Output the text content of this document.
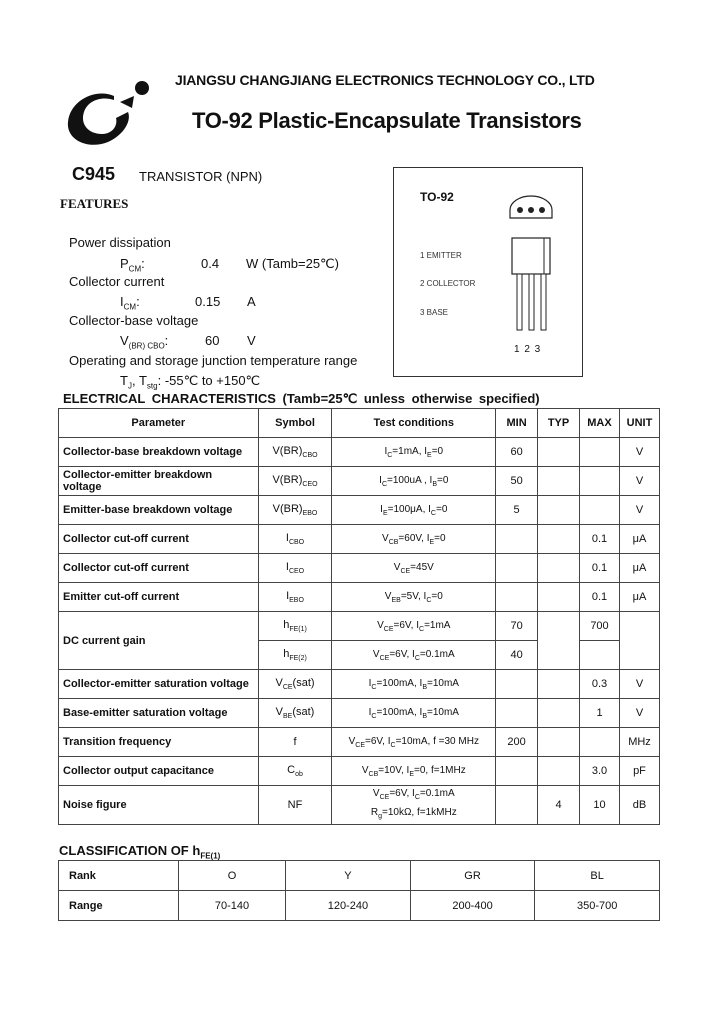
JIANGSU CHANGJIANG ELECTRONICS TECHNOLOGY CO., LTD
TO-92 Plastic-Encapsulate Transistors
C945 TRANSISTOR (NPN)
FEATURES
Power dissipation
$P_{CM}$:	0.4 W (Tamb=25℃)
Collector current
$I_{CM}$:	0.15 A
Collector-base voltage
$V_{(BR) CBO}$:	60 V
Operating and storage junction temperature range
$T_J$, $T_{stg}$: -55℃ to +150℃
TO-92
1 EMITTER
2 COLLECTOR
3 BASE
1 2 3
ELECTRICAL CHARACTERISTICS (Tamb=25℃ unless otherwise specified)
Parameter	Symbol	Test conditions	MIN	TYP	MAX	UNIT
Collector-base breakdown voltage	$V(BR)_{CBO}$	$I_C=1mA$, $I_E=0$	60			V
Collector-emitter breakdown voltage	$V(BR)_{CEO}$	$I_C=100uA$ , $I_B=0$	50			V
Emitter-base breakdown voltage	$V(BR)_{EBO}$	$I_E=100\mu A$, $I_C=0$	5			V
Collector cut-off current	$I_{CBO}$	$V_{CB}=60V$, $I_E=0$			0.1	μA
Collector cut-off current	$I_{CEO}$	$V_{CE}=45V$			0.1	μA
Emitter cut-off current	$I_{EBO}$	$V_{EB}=5V$, $I_C=0$			0.1	μA
DC current gain	$h_{FE(1)}$	$V_{CE}=6V$, $I_C=1mA$	70		700	
	$h_{FE(2)}$	$V_{CE}=6V$, $I_C=0.1mA$	40			
Collector-emitter saturation voltage	$V_{CE}(sat)$	$I_C=100mA$, $I_B=10mA$			0.3	V
Base-emitter saturation voltage	$V_{BE}(sat)$	$I_C=100mA$, $I_B=10mA$			1	V
Transition frequency	f	$V_{CE}=6V$, $I_C=10mA$, f =30 MHz	200			MHz
Collector output capacitance	$C_{ob}$	$V_{CB}=10V$, $I_E=0$, f=1MHz			3.0	pF
Noise figure	NF	$V_{CE}=6V$, $I_C=0.1mA$
$R_g=10k\Omega$, f=1kMHz		4	10	dB
CLASSIFICATION OF $h_{FE(1)}$
Rank	O	Y	GR	BL
Range	70-140	120-240	200-400	350-700
